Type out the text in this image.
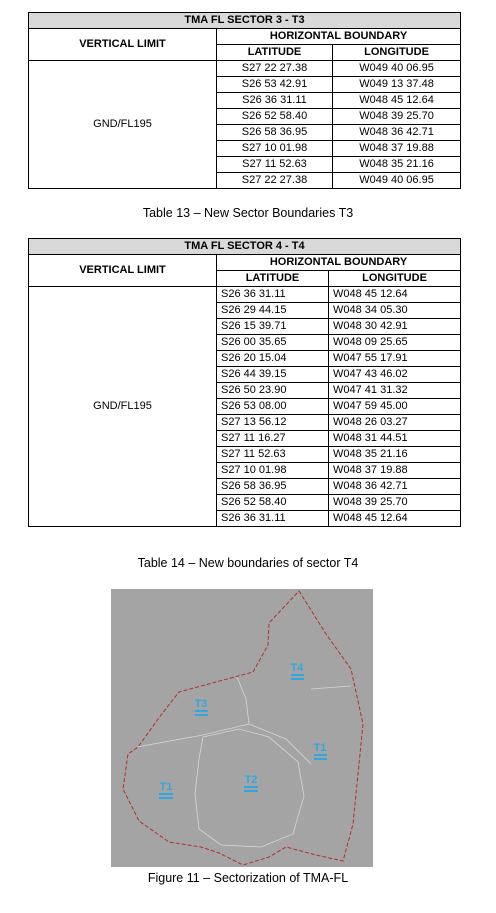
TMA FL SECTOR 3 - T3		
VERTICAL LIMIT	HORIZONTAL BOUNDARY	
	LATITUDE	LONGITUDE
GND/FL195	S27 22 27.38	W049 40 06.95
	S26 53 42.91	W049 13 37.48
	S26 36 31.11	W048 45 12.64
	S26 52 58.40	W048 39 25.70
	S26 58 36.95	W048 36 42.71
	S27 10 01.98	W048 37 19.88
	S27 11 52.63	W048 35 21.16
	S27 22 27.38	W049 40 06.95
Table 13 – New Sector Boundaries T3
TMA FL SECTOR 4 - T4		
VERTICAL LIMIT	HORIZONTAL BOUNDARY	
	LATITUDE	LONGITUDE
GND/FL195	S26 36 31.11	W048 45 12.64
	S26 29 44.15	W048 34 05.30
	S26 15 39.71	W048 30 42.91
	S26 00 35.65	W048 09 25.65
	S26 20 15.04	W047 55 17.91
	S26 44 39.15	W047 43 46.02
	S26 50 23.90	W047 41 31.32
	S26 53 08.00	W047 59 45.00
	S27 13 56.12	W048 26 03.27
	S27 11 16.27	W048 31 44.51
	S27 11 52.63	W048 35 21.16
	S27 10 01.98	W048 37 19.88
	S26 58 36.95	W048 36 42.71
	S26 52 58.40	W048 39 25.70
	S26 36 31.11	W048 45 12.64
Table 14 – New boundaries of sector T4
T4
T3
T1
T2
T1
Figure 11 – Sectorization of TMA-FL
